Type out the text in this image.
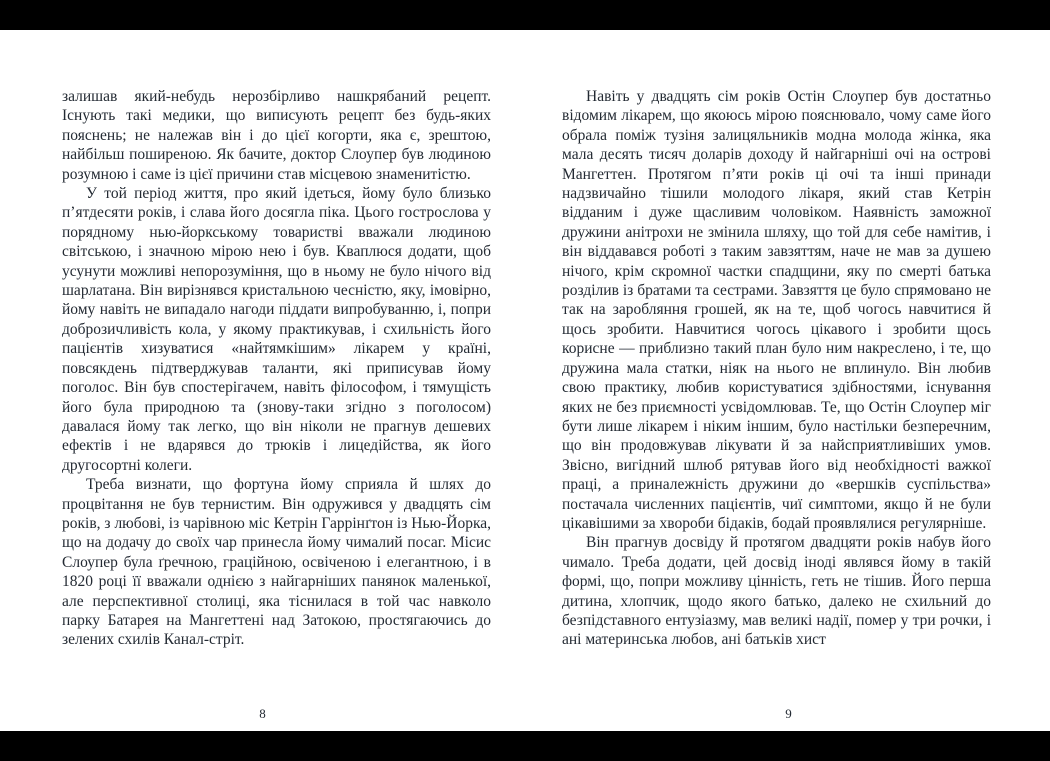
залишав який-небудь нерозбірливо нашкрябаний рецепт. Існують такі медики, що виписують рецепт без будь-яких пояснень; не належав він і до цієї когорти, яка є, зрештою, найбільш поширеною. Як бачите, доктор Слоупер був людиною розумною і саме із цієї причини став місцевою знаменитістю.

У той період життя, про який ідеться, йому було близько п’ятдесяти років, і слава його досягла піка. Цього гострослова у порядному нью-йоркському товаристві вважали людиною світською, і значною мірою нею і був. Кваплюся додати, щоб усунути можливі непорозуміння, що в ньому не було нічого від шарлатана. Він вирізнявся кристальною чесністю, яку, імовірно, йому навіть не випадало нагоди піддати випробуванню, і, попри доброзичливість кола, у якому практикував, і схильність його пацієнтів хизуватися «найтямкішим» лікарем у країні, повсякдень підтверджував таланти, які приписував йому поголос. Він був спостерігачем, навіть філософом, і тямущість його була природною та (знову-таки згідно з поголосом) давалася йому так легко, що він ніколи не прагнув дешевих ефектів і не вдарявся до трюків і лицедійства, як його другосортні колеги.

Треба визнати, що фортуна йому сприяла й шлях до процвітання не був тернистим. Він одружився у двадцять сім років, з любові, із чарівною міс Кетрін Гаррінґтон із Нью-Йорка, що на додачу до своїх чар принесла йому чималий посаг. Місис Слоупер була ґречною, граційною, освіченою і елегантною, і в 1820 році її вважали однією з найгарніших панянок маленької, але перспективної столиці, яка тіснилася в той час навколо парку Батарея на Мангеттені над Затокою, простягаючись до зелених схилів Канал-стріт.

8

Навіть у двадцять сім років Остін Слоупер був достатньо відомим лікарем, що якоюсь мірою пояснювало, чому саме його обрала поміж тузіня залицяльників модна молода жінка, яка мала десять тисяч доларів доходу й найгарніші очі на острові Мангеттен. Протягом п’яти років ці очі та інші принади надзвичайно тішили молодого лікаря, який став Кетрін відданим і дуже щасливим чоловіком. Наявність заможної дружини анітрохи не змінила шляху, що той для себе намітив, і він віддавався роботі з таким завзяттям, наче не мав за душею нічого, крім скромної частки спадщини, яку по смерті батька розділив із братами та сестрами. Завзяття це було спрямовано не так на заробляння грошей, як на те, щоб чогось навчитися й щось зробити. Навчитися чогось цікавого і зробити щось корисне — приблизно такий план було ним накреслено, і те, що дружина мала статки, ніяк на нього не вплинуло. Він любив свою практику, любив користуватися здібностями, існування яких не без приємності усвідомлював. Те, що Остін Слоупер міг бути лише лікарем і ніким іншим, було настільки безперечним, що він продовжував лікувати й за найсприятливіших умов. Звісно, вигідний шлюб рятував його від необхідності важкої праці, а приналежність дружини до «вершків суспільства» постачала численних пацієнтів, чиї симптоми, якщо й не були цікавішими за хвороби бідаків, бодай проявлялися регулярніше.

Він прагнув досвіду й протягом двадцяти років набув його чимало. Треба додати, цей досвід іноді являвся йому в такій формі, що, попри можливу цінність, геть не тішив. Його перша дитина, хлопчик, щодо якого батько, далеко не схильний до безпідставного ентузіазму, мав великі надії, помер у три рочки, і ані материнська любов, ані батьків хист

9
